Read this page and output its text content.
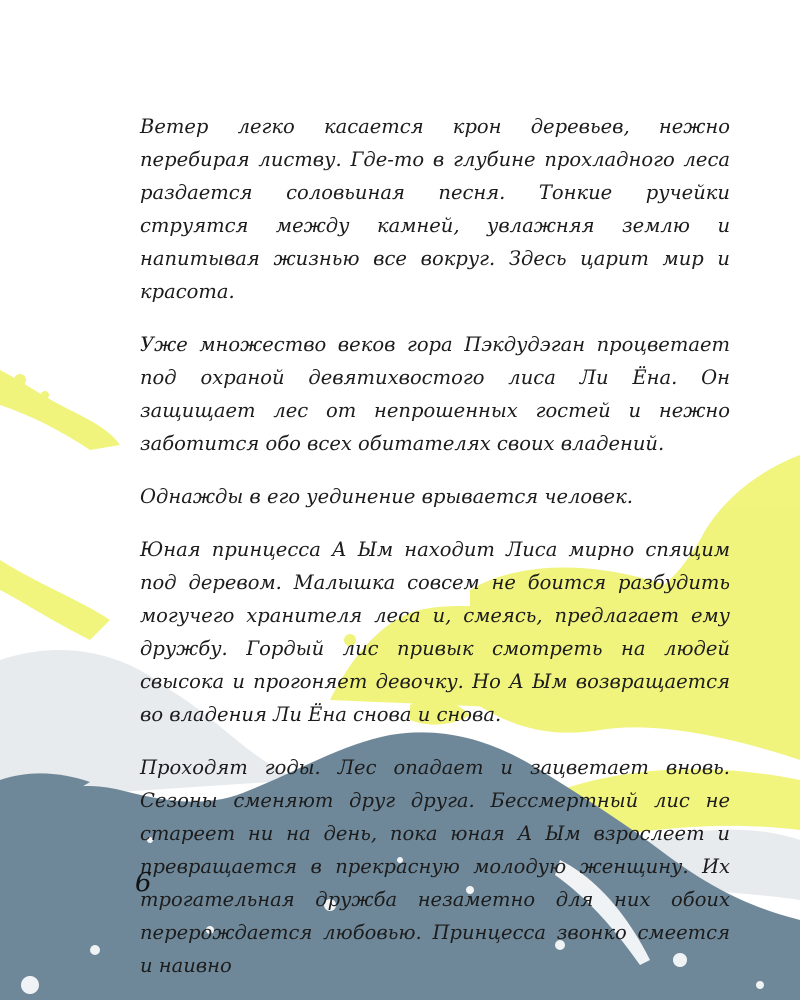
Ветер легко касается крон деревьев, нежно перебирая листву. Где-то в глубине прохладного леса раздается соловьиная песня. Тонкие ручейки струятся между камней, увлажняя землю и напитывая жизнью все вокруг. Здесь царит мир и красота.

Уже множество веков гора Пэкдудэган процветает под охраной девятихвостого лиса Ли Ёна. Он защищает лес от непрошенных гостей и нежно заботится обо всех обитателях своих владений.

Однажды в его уединение врывается человек.

Юная принцесса А Ым находит Лиса мирно спящим под деревом. Малышка совсем не боится разбудить могучего хранителя леса и, смеясь, предлагает ему дружбу. Гордый лис привык смотреть на людей свысока и прогоняет девочку. Но А Ым возвращается во владения Ли Ёна снова и снова.

Проходят годы. Лес опадает и зацветает вновь. Сезоны сменяют друг друга. Бессмертный лис не стареет ни на день, пока юная А Ым взрослеет и превращается в прекрасную молодую женщину. Их трогательная дружба незаметно для них обоих перерождается любовью. Принцесса звонко смеется и наивно

6
